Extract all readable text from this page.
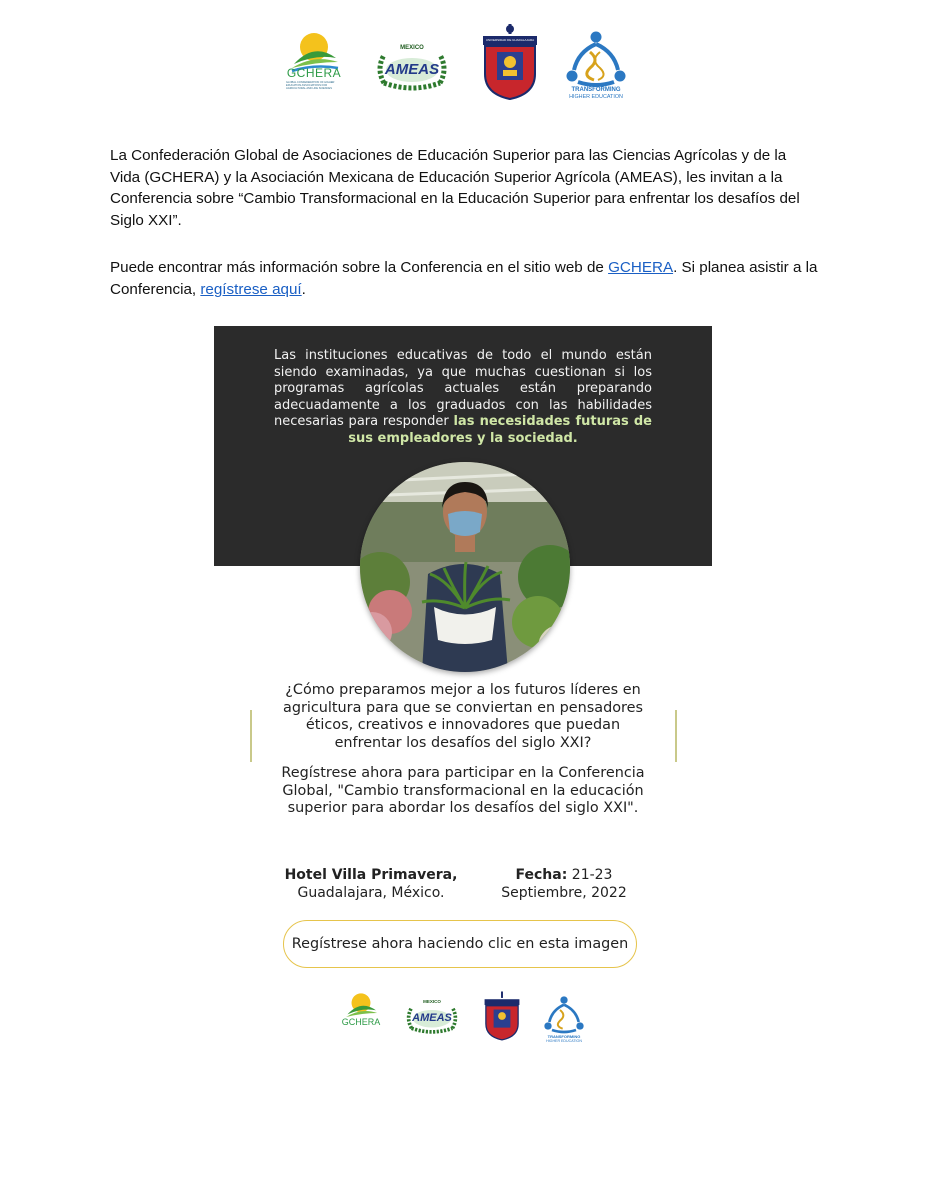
GCHERA
GLOBAL CONFEDERATION OF HIGHER EDUCATION ASSOCIATIONS FOR AGRICULTURAL AND LIFE SCIENCES
MEXICO
AMEAS
UNIVERSIDAD DE GUADALAJARA
TRANSFORMING
HIGHER EDUCATION
La Confederación Global de Asociaciones de Educación Superior para las Ciencias Agrícolas y de la Vida (GCHERA) y la Asociación Mexicana de Educación Superior Agrícola (AMEAS), les invitan a la Conferencia sobre “Cambio Transformacional en la Educación Superior para enfrentar los desafíos del Siglo XXI”.
Puede encontrar más información sobre la Conferencia en el sitio web de GCHERA. Si planea asistir a la Conferencia, regístrese aquí.
Las instituciones educativas de todo el mundo están siendo examinadas, ya que muchas cuestionan si los programas agrícolas actuales están preparando adecuadamente a los graduados con las habilidades necesarias para responder las necesidades futuras de sus empleadores y la sociedad.
¿Cómo preparamos mejor a los futuros líderes en agricultura para que se conviertan en pensadores éticos, creativos e innovadores que puedan enfrentar los desafíos del siglo XXI?
Regístrese ahora para participar en la Conferencia Global, "Cambio transformacional en la educación superior para abordar los desafíos del siglo XXI".
Hotel Villa Primavera,
Guadalajara, México.
Fecha: 21-23
Septiembre, 2022
Regístrese ahora haciendo clic en esta imagen
GCHERA
MEXICO
AMEAS
TRANSFORMING
HIGHER EDUCATION
